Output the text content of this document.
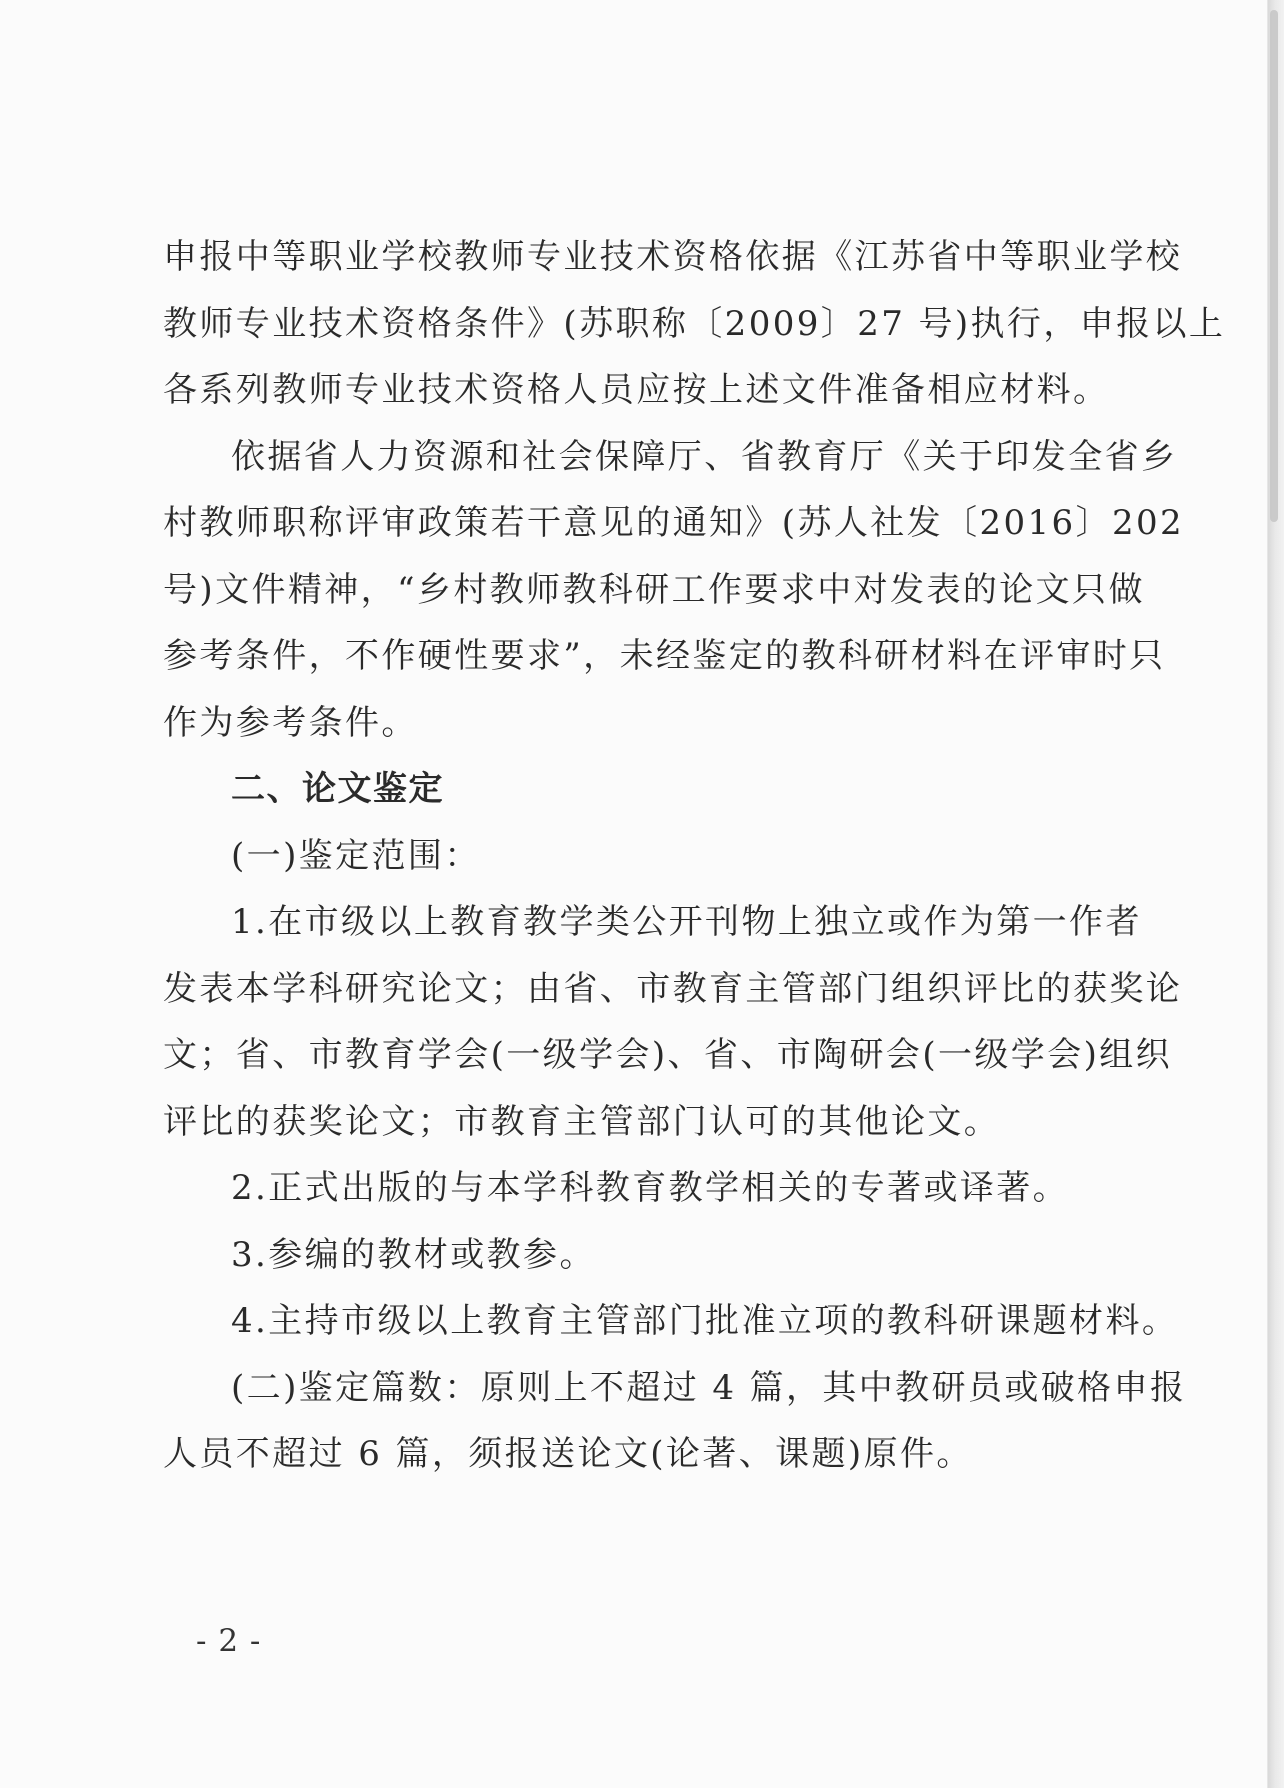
申报中等职业学校教师专业技术资格依据《江苏省中等职业学校
教师专业技术资格条件》(苏职称〔2009〕27 号)执行，申报以上
各系列教师专业技术资格人员应按上述文件准备相应材料。
依据省人力资源和社会保障厅、省教育厅《关于印发全省乡
村教师职称评审政策若干意见的通知》(苏人社发〔2016〕202
号)文件精神，“乡村教师教科研工作要求中对发表的论文只做
参考条件，不作硬性要求”，未经鉴定的教科研材料在评审时只
作为参考条件。
二、论文鉴定
(一)鉴定范围：
1.在市级以上教育教学类公开刊物上独立或作为第一作者
发表本学科研究论文；由省、市教育主管部门组织评比的获奖论
文；省、市教育学会(一级学会)、省、市陶研会(一级学会)组织
评比的获奖论文；市教育主管部门认可的其他论文。
2.正式出版的与本学科教育教学相关的专著或译著。
3.参编的教材或教参。
4.主持市级以上教育主管部门批准立项的教科研课题材料。
(二)鉴定篇数：原则上不超过 4 篇，其中教研员或破格申报
人员不超过 6 篇，须报送论文(论著、课题)原件。
- 2 -
